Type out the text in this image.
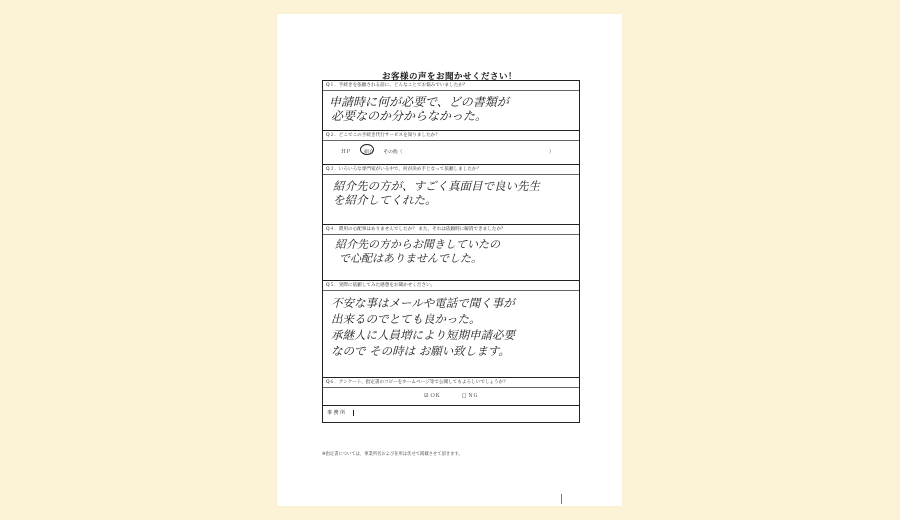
お客様の声をお聞かせください！
Q１．手続きを依頼される前に、どんなことでお悩みでいましたか？
申請時に何が必要で、どの書類が
必要なのか分からなかった。
Q２．どこでこの手続き代行サービスを知りましたか？
ＨＰ	紹介 その他（	）
Q３．いろいろな専門家がいる中で、何が決め手となって依頼しましたか？
紹介先の方が、すごく真面目で良い先生
を紹介してくれた。
Q４．費用の心配事はありませんでしたか？ また、それは依頼時に解消できましたか？
紹介先の方からお聞きしていたの
で心配はありませんでした。
Q５．実際に依頼してみた感想をお聞かせください。
不安な事はメールや電話で聞く事が
出来るのでとても良かった。
承継人に人員増により短期申請必要
なので その時は お願い致します。
Q６．アンケート、指定書のコピーをホームページ等で公開してもよろしいでしょうか？
☑ ＯＫ	□ ＮＧ
事 務 所
※指定書については、事業所名および住所は伏せて掲載させて頂きます。
